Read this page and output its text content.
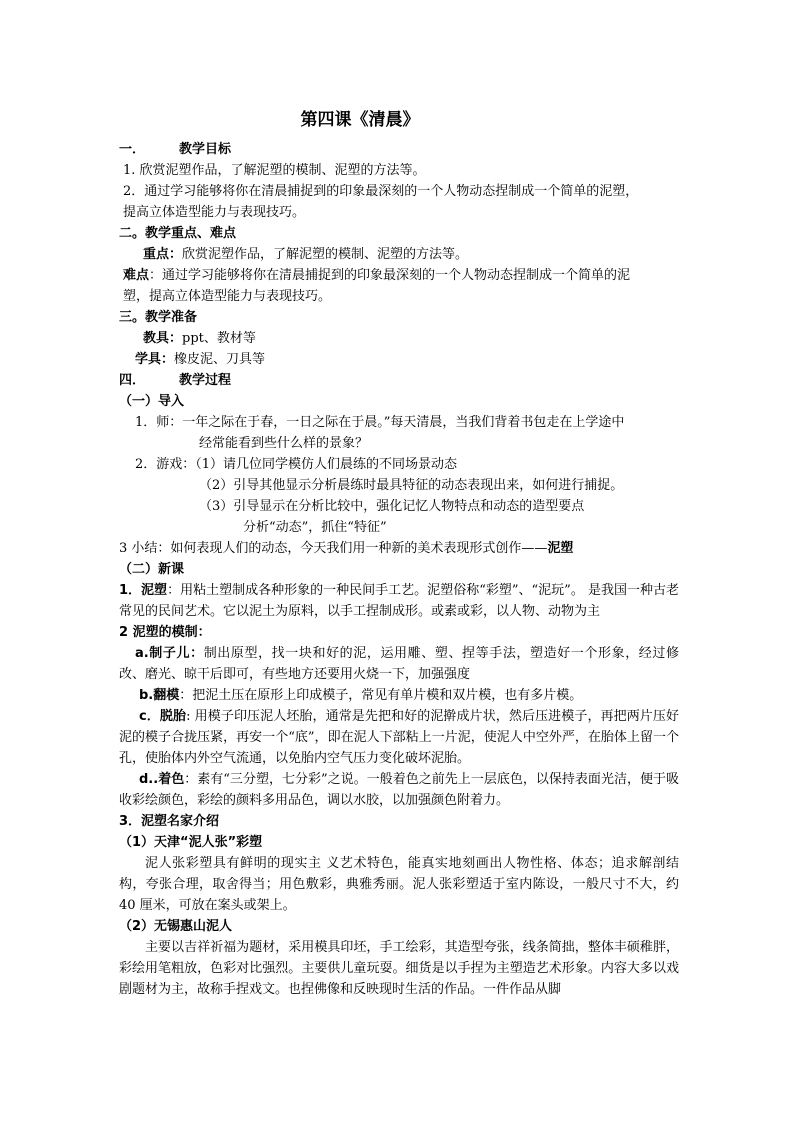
第四课《清晨》

一．	教学目标

1. 欣赏泥塑作品，了解泥塑的模制、泥塑的方法等。

2．通过学习能够将你在清晨捕捉到的印象最深刻的一个人物动态捏制成一个简单的泥塑，

提高立体造型能力与表现技巧。

二。教学重点、难点

重点：欣赏泥塑作品，了解泥塑的模制、泥塑的方法等。

难点：通过学习能够将你在清晨捕捉到的印象最深刻的一个人物动态捏制成一个简单的泥

塑，提高立体造型能力与表现技巧。

三。教学准备

教具：ppt、教材等

学具：橡皮泥、刀具等

四．	教学过程

（一）导入

1．师：一年之际在于春，一日之际在于晨。”每天清晨，当我们背着书包走在上学途中

经常能看到些什么样的景象？

2．游戏：（1）请几位同学模仿人们晨练的不同场景动态

（2）引导其他显示分析晨练时最具特征的动态表现出来，如何进行捕捉。

（3）引导显示在分析比较中，强化记忆人物特点和动态的造型要点

分析“动态”，抓住“特征”

3 小结：如何表现人们的动态，今天我们用一种新的美术表现形式创作——泥塑

（二）新课

1．泥塑：用粘土塑制成各种形象的一种民间手工艺。泥塑俗称“彩塑”、“泥玩”。 是我国一种古老常见的民间艺术。它以泥土为原料，以手工捏制成形。或素或彩，以人物、动物为主

2 泥塑的模制：

a.制子儿：制出原型，找一块和好的泥，运用雕、塑、捏等手法，塑造好一个形象，经过修改、磨光、晾干后即可，有些地方还要用火烧一下，加强强度

b.翻模：把泥土压在原形上印成模子，常见有单片模和双片模，也有多片模。

c．脱胎: 用模子印压泥人坯胎，通常是先把和好的泥擀成片状，然后压进模子，再把两片压好泥的模子合拢压紧，再安一个“底”，即在泥人下部粘上一片泥，使泥人中空外严，在胎体上留一个孔，使胎体内外空气流通，以免胎内空气压力变化破坏泥胎。

d..着色：素有“三分塑，七分彩”之说。一般着色之前先上一层底色，以保持表面光洁，便于吸收彩绘颜色，彩绘的颜料多用品色，调以水胶，以加强颜色附着力。

3．泥塑名家介绍

（1）天津“泥人张”彩塑

泥人张彩塑具有鲜明的现实主 义艺术特色，能真实地刻画出人物性格、体态；追求解剖结构，夸张合理，取舍得当；用色敷彩，典雅秀丽。泥人张彩塑适于室内陈设，一般尺寸不大，约 40 厘米，可放在案头或架上。

（2）无锡惠山泥人

主要以吉祥祈福为题材，采用模具印坯，手工绘彩，其造型夸张，线条简拙，整体丰硕稚胖，彩绘用笔粗放，色彩对比强烈。主要供儿童玩耍。细货是以手捏为主塑造艺术形象。内容大多以戏剧题材为主，故称手捏戏文。也捏佛像和反映现时生活的作品。一件作品从脚
